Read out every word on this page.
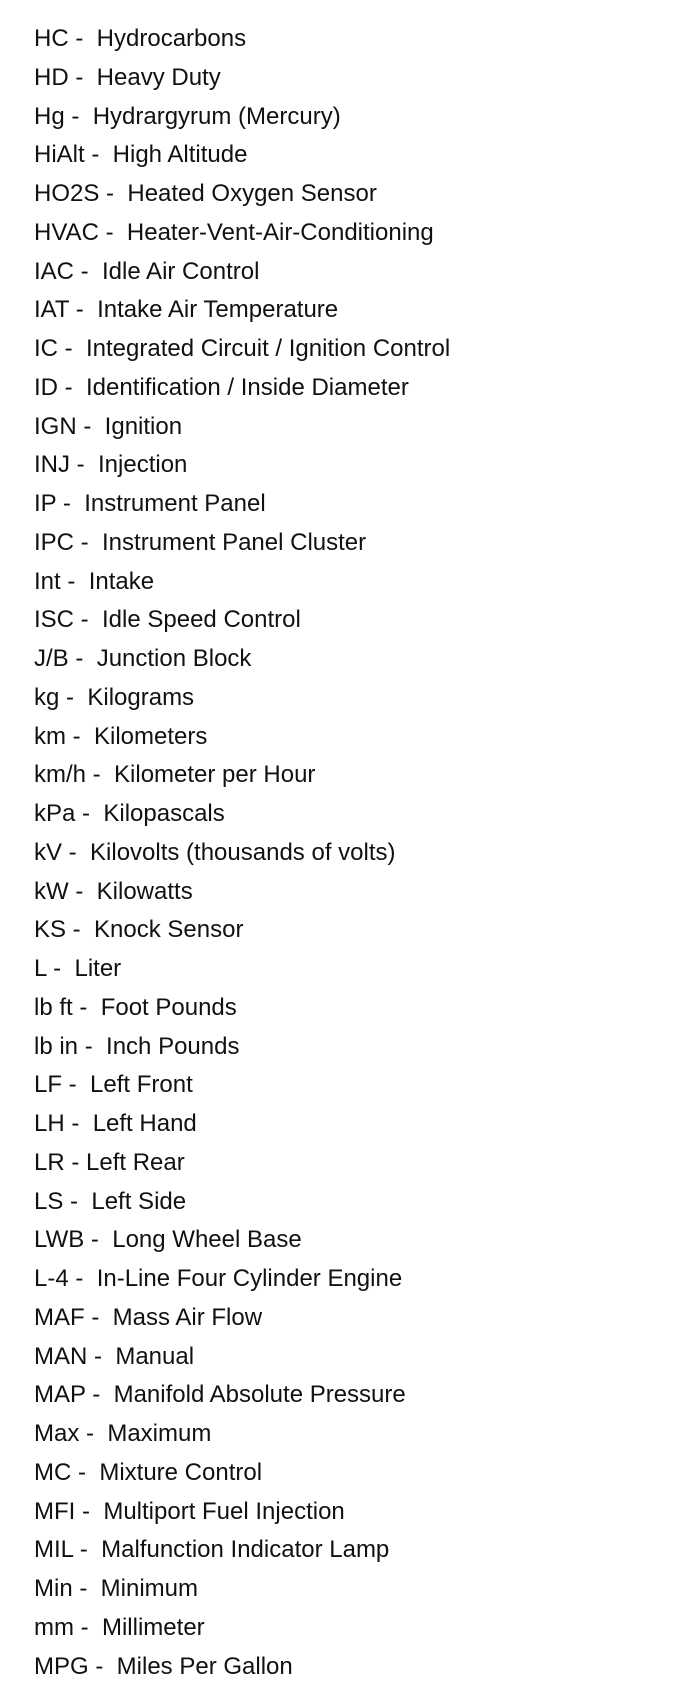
HC -  Hydrocarbons
HD -  Heavy Duty
Hg -  Hydrargyrum (Mercury)
HiAlt -  High Altitude
HO2S -  Heated Oxygen Sensor
HVAC -  Heater-Vent-Air-Conditioning
IAC -  Idle Air Control
IAT -  Intake Air Temperature
IC -  Integrated Circuit / Ignition Control
ID -  Identification / Inside Diameter
IGN -  Ignition
INJ -  Injection
IP -  Instrument Panel
IPC -  Instrument Panel Cluster
Int -  Intake
ISC -  Idle Speed Control
J/B -  Junction Block
kg -  Kilograms
km -  Kilometers
km/h -  Kilometer per Hour
kPa -  Kilopascals
kV -  Kilovolts (thousands of volts)
kW -  Kilowatts
KS -  Knock Sensor
L -  Liter
lb ft -  Foot Pounds
lb in -  Inch Pounds
LF -  Left Front
LH -  Left Hand
LR - Left Rear
LS -  Left Side
LWB -  Long Wheel Base
L-4 -  In-Line Four Cylinder Engine
MAF -  Mass Air Flow
MAN -  Manual
MAP -  Manifold Absolute Pressure
Max -  Maximum
MC -  Mixture Control
MFI -  Multiport Fuel Injection
MIL -  Malfunction Indicator Lamp
Min -  Minimum
mm -  Millimeter
MPG -  Miles Per Gallon
